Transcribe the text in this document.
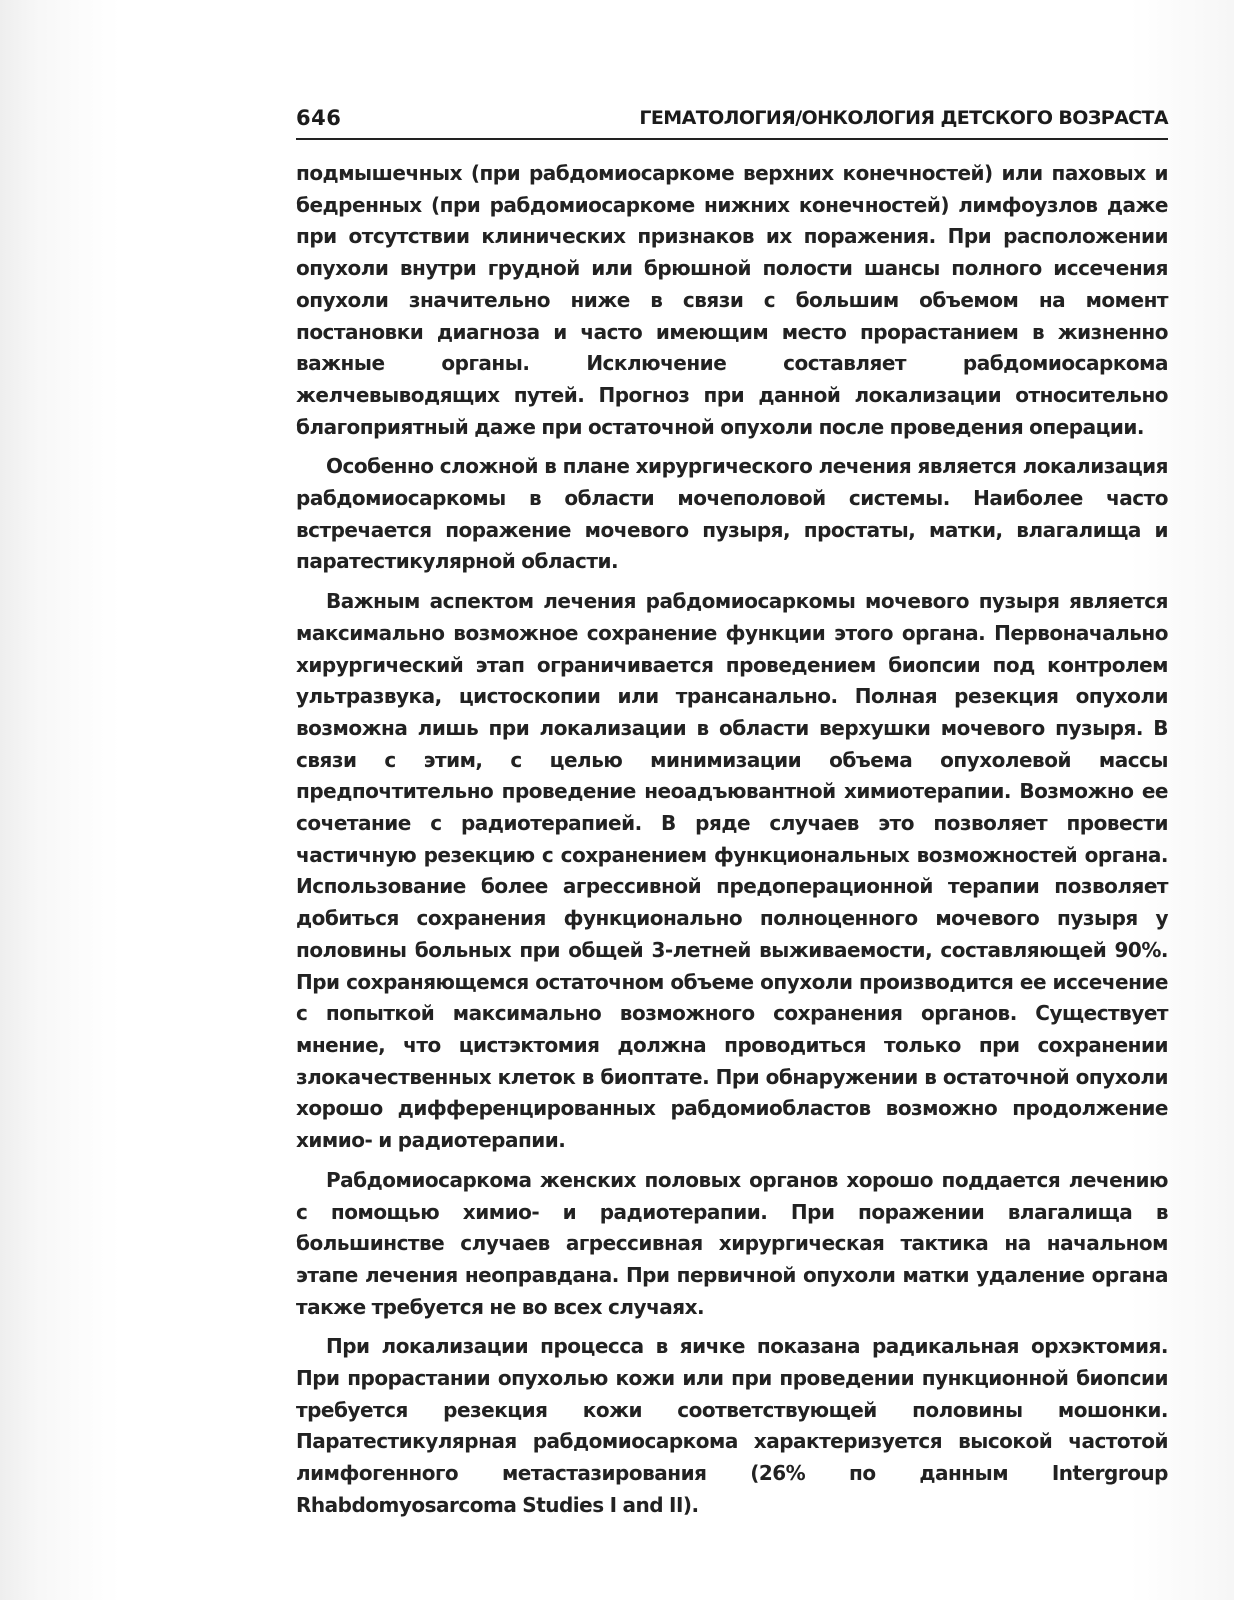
646	ГЕМАТОЛОГИЯ/ОНКОЛОГИЯ ДЕТСКОГО ВОЗРАСТА

подмышечных (при рабдомиосаркоме верхних конечностей) или паховых и бедренных (при рабдомиосаркоме нижних конечностей) лимфоузлов даже при отсутствии клинических признаков их поражения. При расположении опухоли внутри грудной или брюшной полости шансы полного иссечения опухоли значительно ниже в связи с большим объемом на момент постановки диагноза и часто имеющим место прорастанием в жизненно важные органы. Исключение составляет рабдомиосаркома желчевыводящих путей. Прогноз при данной локализации относительно благоприятный даже при остаточной опухоли после проведения операции.

Особенно сложной в плане хирургического лечения является локализация рабдомиосаркомы в области мочеполовой системы. Наиболее часто встречается поражение мочевого пузыря, простаты, матки, влагалища и паратестикулярной области.

Важным аспектом лечения рабдомиосаркомы мочевого пузыря является максимально возможное сохранение функции этого органа. Первоначально хирургический этап ограничивается проведением биопсии под контролем ультразвука, цистоскопии или трансанально. Полная резекция опухоли возможна лишь при локализации в области верхушки мочевого пузыря. В связи с этим, с целью минимизации объема опухолевой массы предпочтительно проведение неоадъювантной химиотерапии. Возможно ее сочетание с радиотерапией. В ряде случаев это позволяет провести частичную резекцию с сохранением функциональных возможностей органа. Использование более агрессивной предоперационной терапии позволяет добиться сохранения функционально полноценного мочевого пузыря у половины больных при общей 3-летней выживаемости, составляющей 90%. При сохраняющемся остаточном объеме опухоли производится ее иссечение с попыткой максимально возможного сохранения органов. Существует мнение, что цистэктомия должна проводиться только при сохранении злокачественных клеток в биоптате. При обнаружении в остаточной опухоли хорошо дифференцированных рабдомиобластов возможно продолжение химио- и радиотерапии.

Рабдомиосаркома женских половых органов хорошо поддается лечению с помощью химио- и радиотерапии. При поражении влагалища в большинстве случаев агрессивная хирургическая тактика на начальном этапе лечения неоправдана. При первичной опухоли матки удаление органа также требуется не во всех случаях.

При локализации процесса в яичке показана радикальная орхэктомия. При прорастании опухолью кожи или при проведении пункционной биопсии требуется резекция кожи соответствующей половины мошонки. Паратестикулярная рабдомиосаркома характеризуется высокой частотой лимфогенного метастазирования (26% по данным Intergroup Rhabdomyosarcoma Studies I and II).
